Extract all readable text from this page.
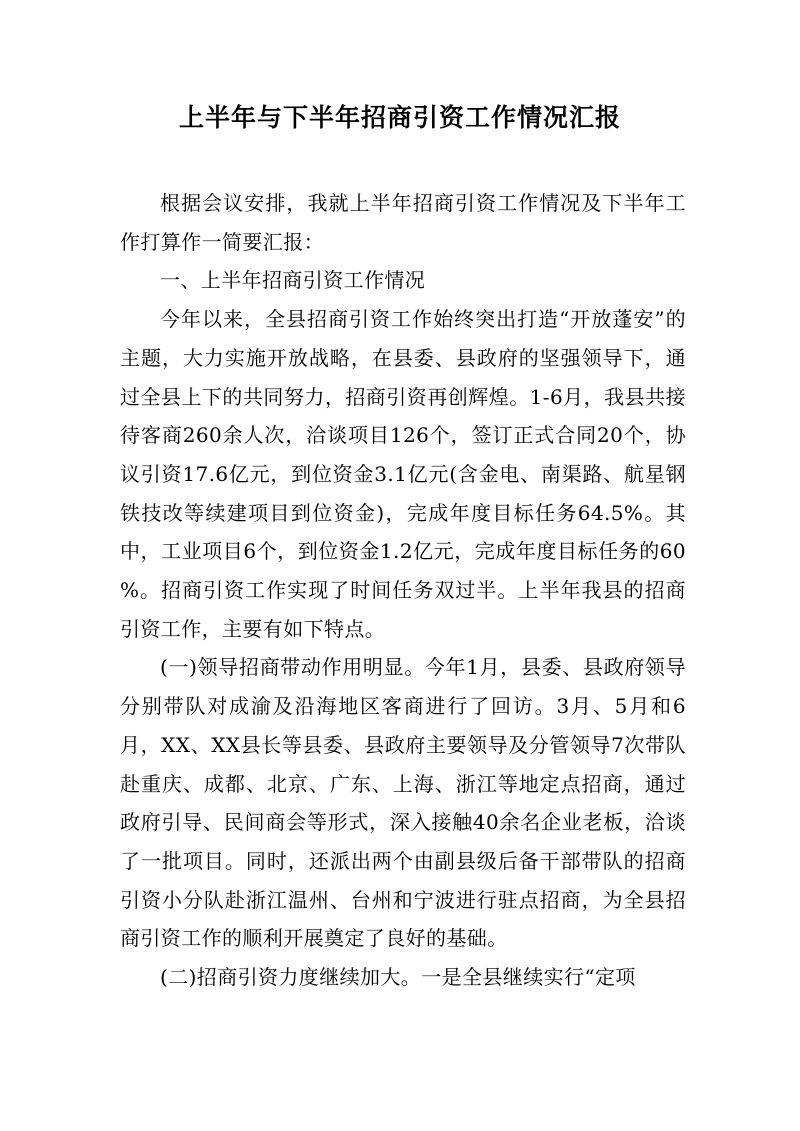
上半年与下半年招商引资工作情况汇报

根据会议安排，我就上半年招商引资工作情况及下半年工作打算作一简要汇报：

一、上半年招商引资工作情况

今年以来，全县招商引资工作始终突出打造“开放蓬安”的主题，大力实施开放战略，在县委、县政府的坚强领导下，通过全县上下的共同努力，招商引资再创辉煌。1-6月，我县共接待客商260余人次，洽谈项目126个，签订正式合同20个，协议引资17.6亿元，到位资金3.1亿元(含金电、南渠路、航星钢铁技改等续建项目到位资金)，完成年度目标任务64.5%。其中，工业项目6个，到位资金1.2亿元，完成年度目标任务的60 %。招商引资工作实现了时间任务双过半。上半年我县的招商引资工作，主要有如下特点。

(一)领导招商带动作用明显。今年1月，县委、县政府领导分别带队对成渝及沿海地区客商进行了回访。3月、5月和6月，XX、XX县长等县委、县政府主要领导及分管领导7次带队赴重庆、成都、北京、广东、上海、浙江等地定点招商，通过政府引导、民间商会等形式，深入接触40余名企业老板，洽谈了一批项目。同时，还派出两个由副县级后备干部带队的招商引资小分队赴浙江温州、台州和宁波进行驻点招商，为全县招商引资工作的顺利开展奠定了良好的基础。

(二)招商引资力度继续加大。一是全县继续实行“定项
